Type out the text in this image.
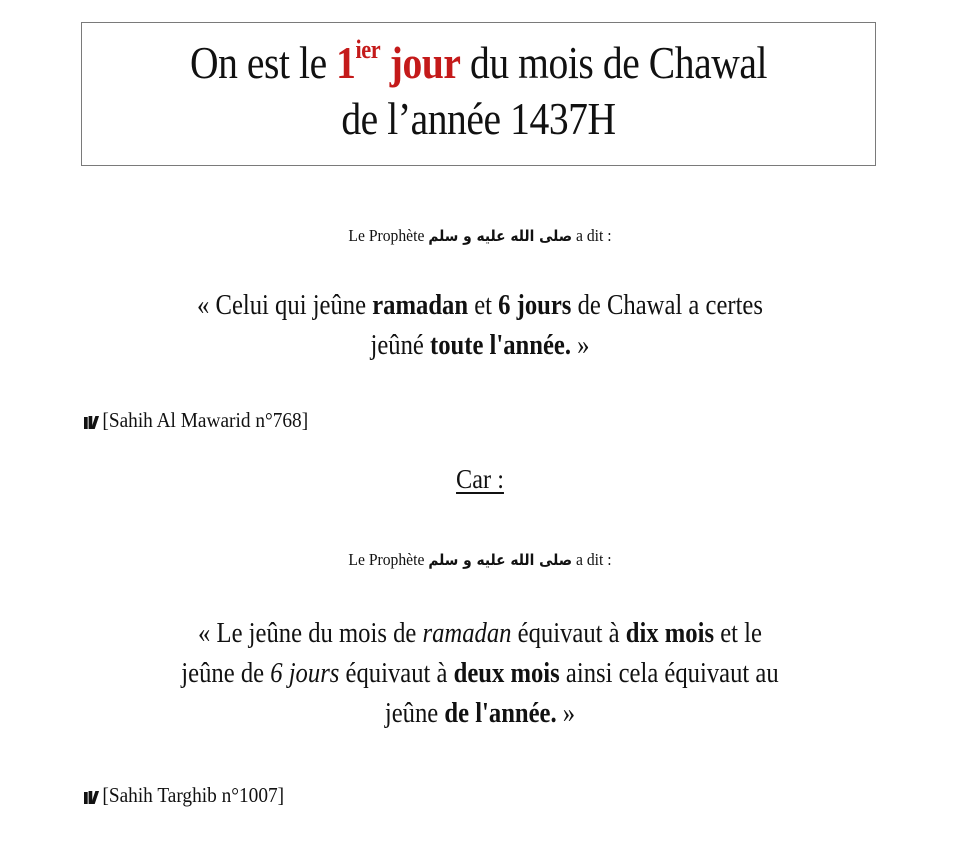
On est le $1^{ier}$ jour du mois de Chawal
de l’année 1437H
Le Prophète صلى الله عليه و سلم a dit :
« Celui qui jeûne ramadan et 6 jours de Chawal a certes
jeûné toute l'année. »
[Sahih Al Mawarid n°768]
Car :
Le Prophète صلى الله عليه و سلم a dit :
« Le jeûne du mois de ramadan équivaut à dix mois et le
jeûne de 6 jours équivaut à deux mois ainsi cela équivaut au
jeûne de l'année. »
[Sahih Targhib n°1007]
